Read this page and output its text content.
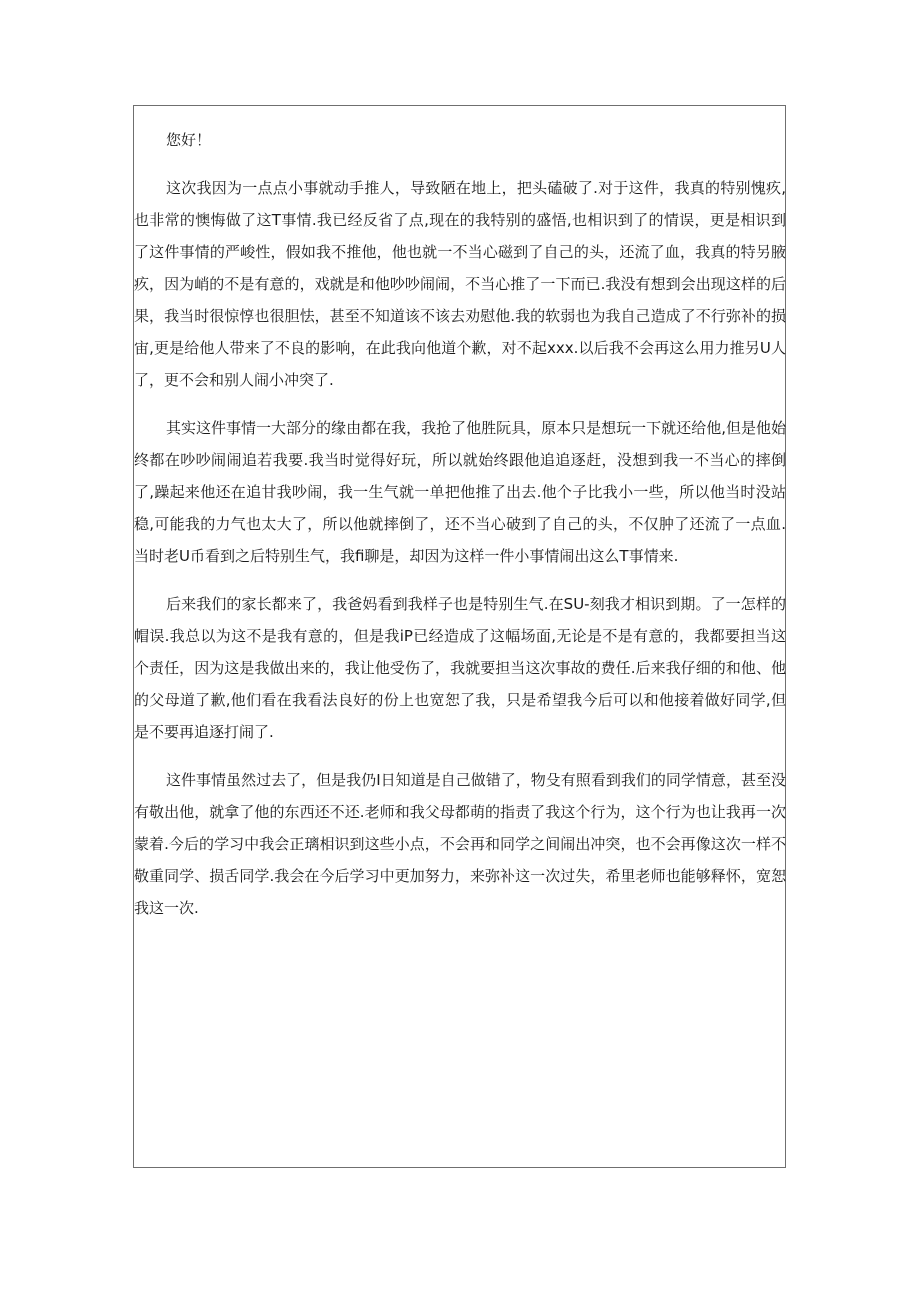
您好！

这次我因为一点点小事就动手推人，导致陋在地上，把头磕破了.对于这件，我真的特别愧疚,也非常的懊悔做了这T事情.我已经反省了点,现在的我特别的盛悟,也相识到了的情误，更是相识到了这件事情的严峻性，假如我不推他，他也就一不当心磁到了自己的头，还流了血，我真的特另腋疚，因为峭的不是有意的，戏就是和他吵吵闹闹，不当心推了一下而已.我没有想到会出现这样的后果，我当时很惊惇也很胆怯，甚至不知道该不该去劝慰他.我的软弱也为我自己造成了不行弥补的损宙,更是给他人带来了不良的影响，在此我向他道个歉，对不起xxx.以后我不会再这么用力推另U人了，更不会和别人闹小冲突了.

其实这件事情一大部分的缘由都在我，我抢了他胜阮具，原本只是想玩一下就还给他,但是他始终都在吵吵闹闹追若我要.我当时觉得好玩，所以就始终跟他追追逐赶，没想到我一不当心的摔倒了,躁起来他还在追甘我吵闹，我一生气就一单把他推了出去.他个子比我小一些，所以他当时没站稳,可能我的力气也太大了，所以他就摔倒了，还不当心破到了自己的头，不仅肿了还流了一点血.当时老U币看到之后特别生气，我fi聊是，却因为这样一件小事情闹出这么T事情来.

后来我们的家长都来了，我爸妈看到我样子也是特别生气.在SU-刻我才相识到期。了一怎样的帽误.我总以为这不是我有意的，但是我iP已经造成了这幅场面,无论是不是有意的，我都要担当这个责任，因为这是我做出来的，我让他受伤了，我就要担当这次事故的费任.后来我仔细的和他、他的父母道了歉,他们看在我看法良好的份上也宽恕了我，只是希望我今后可以和他接着做好同学,但是不要再追逐打闹了.

这件事情虽然过去了，但是我仍I日知道是自己做错了，物殳有照看到我们的同学情意，甚至没有敬出他，就拿了他的东西还不还.老师和我父母都萌的指责了我这个行为，这个行为也让我再一次蒙着.今后的学习中我会正璃相识到这些小点，不会再和同学之间闹出冲突，也不会再像这次一样不敬重同学、损舌同学.我会在今后学习中更加努力，来弥补这一次过失，希里老师也能够释怀，宽恕我这一次.
